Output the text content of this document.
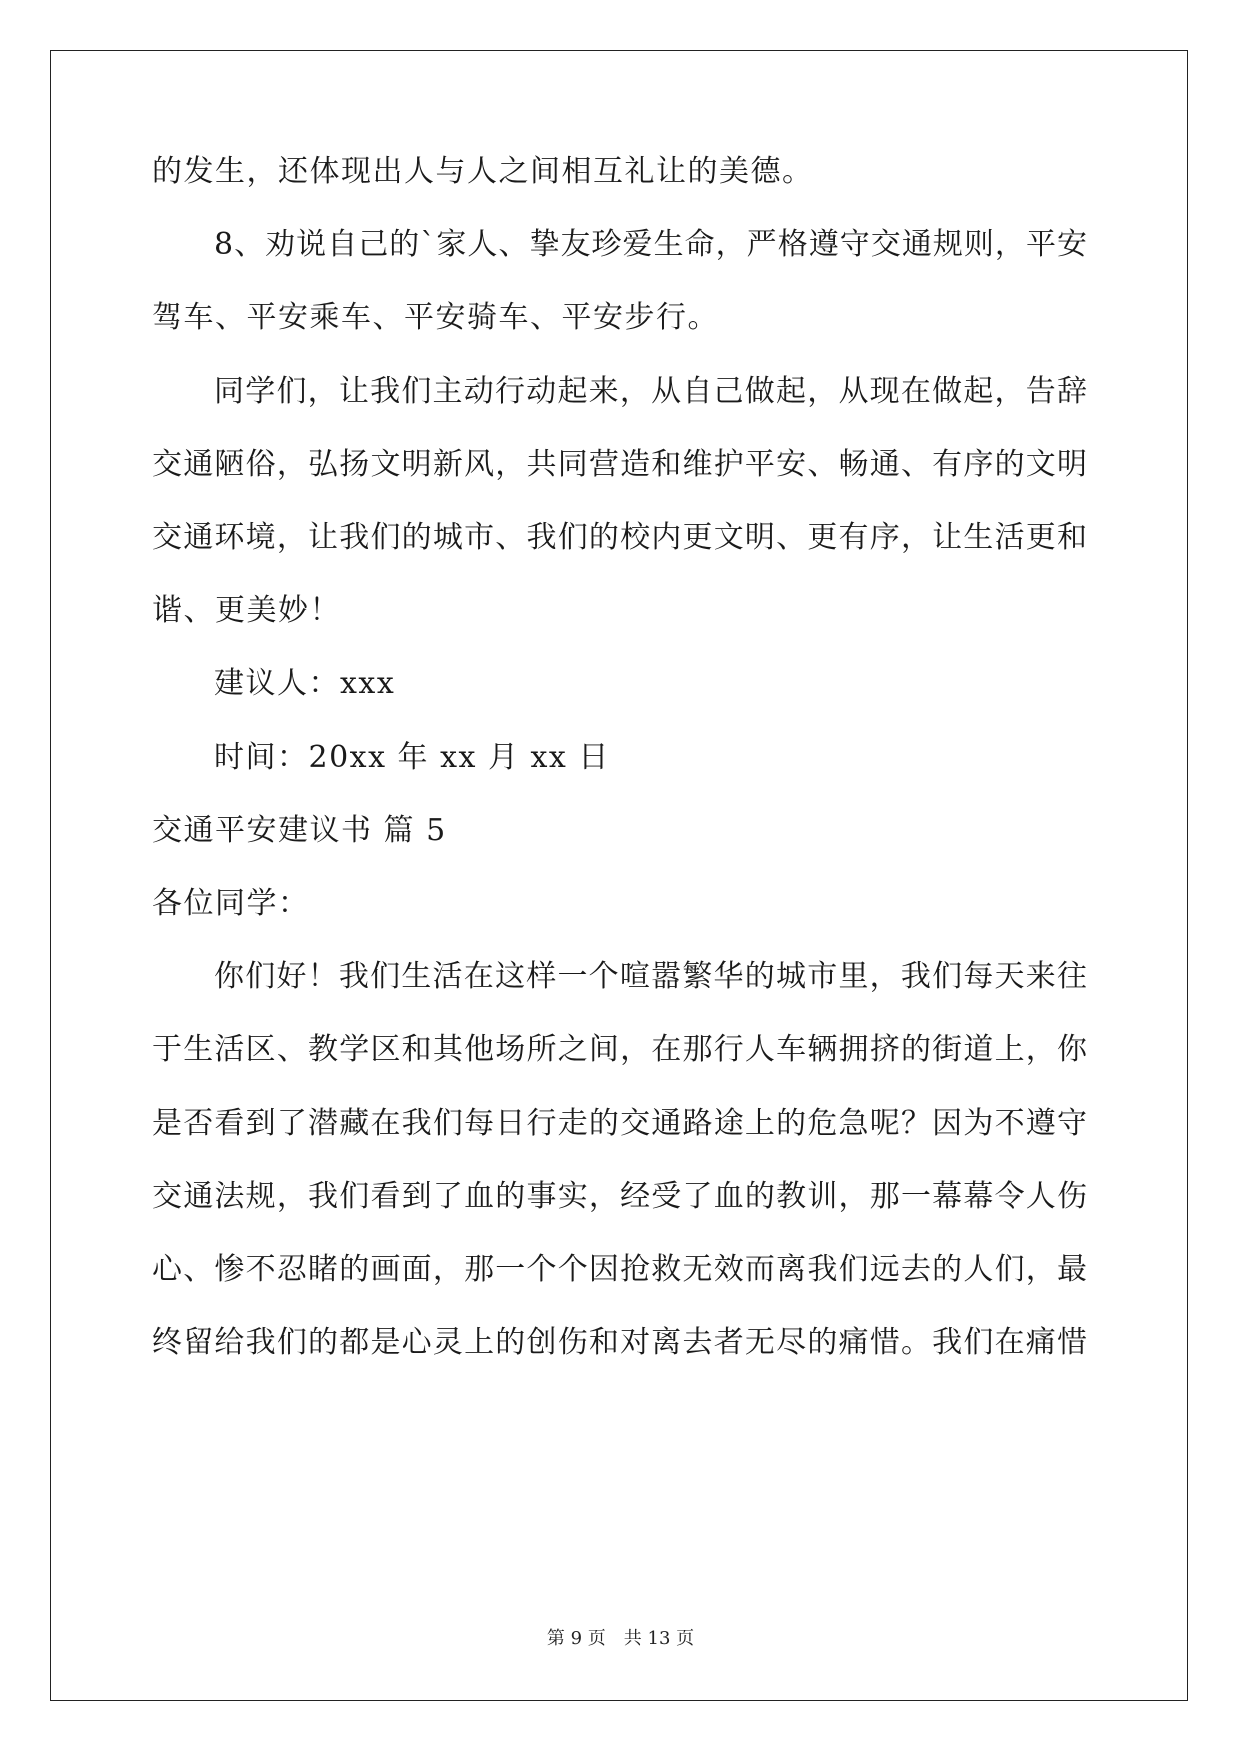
的发生，还体现出人与人之间相互礼让的美德。
8、劝说自己的`家人、挚友珍爱生命，严格遵守交通规则，平安
驾车、平安乘车、平安骑车、平安步行。
同学们，让我们主动行动起来，从自己做起，从现在做起，告辞
交通陋俗，弘扬文明新风，共同营造和维护平安、畅通、有序的文明
交通环境，让我们的城市、我们的校内更文明、更有序，让生活更和
谐、更美妙！
建议人：xxx
时间：20xx 年 xx 月 xx 日
交通平安建议书 篇 5
各位同学：
你们好！我们生活在这样一个喧嚣繁华的城市里，我们每天来往
于生活区、教学区和其他场所之间，在那行人车辆拥挤的街道上，你
是否看到了潜藏在我们每日行走的交通路途上的危急呢？因为不遵守
交通法规，我们看到了血的事实，经受了血的教训，那一幕幕令人伤
心、惨不忍睹的画面，那一个个因抢救无效而离我们远去的人们，最
终留给我们的都是心灵上的创伤和对离去者无尽的痛惜。我们在痛惜
第 9 页　共 13 页
